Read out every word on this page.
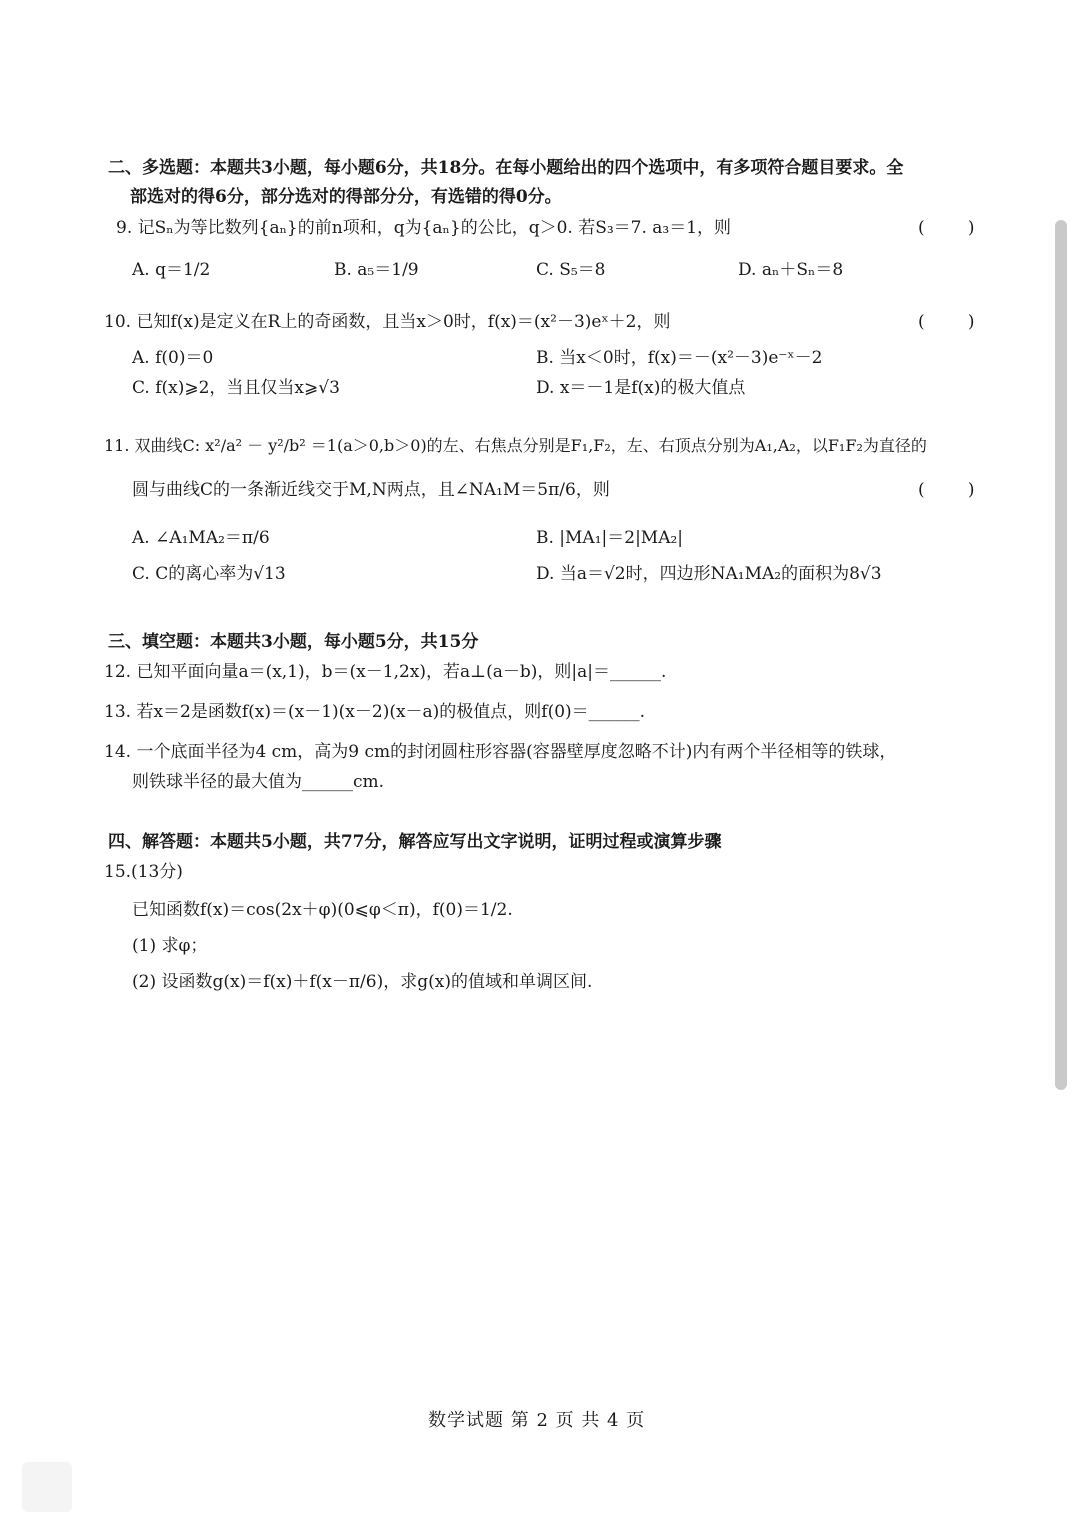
二、多选题：本题共3小题，每小题6分，共18分。在每小题给出的四个选项中，有多项符合题目要求。全
部选对的得6分，部分选对的得部分分，有选错的得0分。
9. 记Sₙ为等比数列{aₙ}的前n项和，q为{aₙ}的公比，q＞0. 若S₃＝7. a₃＝1，则	(        )
A. q＝1/2	B. a₅＝1/9	C. S₅＝8	D. aₙ＋Sₙ＝8
10. 已知f(x)是定义在R上的奇函数，且当x＞0时，f(x)＝(x²－3)eˣ＋2，则	(        )
A. f(0)＝0	B. 当x＜0时，f(x)＝－(x²－3)e⁻ˣ－2
C. f(x)⩾2，当且仅当x⩾√3	D. x＝－1是f(x)的极大值点
11. 双曲线C: x²/a² － y²/b² ＝1(a＞0,b＞0)的左、右焦点分别是F₁,F₂，左、右顶点分别为A₁,A₂，以F₁F₂为直径的
圆与曲线C的一条渐近线交于M,N两点，且∠NA₁M＝5π/6，则	(        )
A. ∠A₁MA₂＝π/6	B. |MA₁|＝2|MA₂|
C. C的离心率为√13	D. 当a＝√2时，四边形NA₁MA₂的面积为8√3
三、填空题：本题共3小题，每小题5分，共15分
12. 已知平面向量a＝(x,1)，b＝(x－1,2x)，若a⊥(a－b)，则|a|＝______.
13. 若x＝2是函数f(x)＝(x－1)(x－2)(x－a)的极值点，则f(0)＝______.
14. 一个底面半径为4 cm，高为9 cm的封闭圆柱形容器(容器壁厚度忽略不计)内有两个半径相等的铁球，
则铁球半径的最大值为______cm.
四、解答题：本题共5小题，共77分，解答应写出文字说明，证明过程或演算步骤
15.(13分)
已知函数f(x)＝cos(2x＋φ)(0⩽φ＜π)，f(0)＝1/2.
(1) 求φ；
(2) 设函数g(x)＝f(x)＋f(x－π/6)，求g(x)的值域和单调区间.
数学试题 第 2 页 共 4 页
